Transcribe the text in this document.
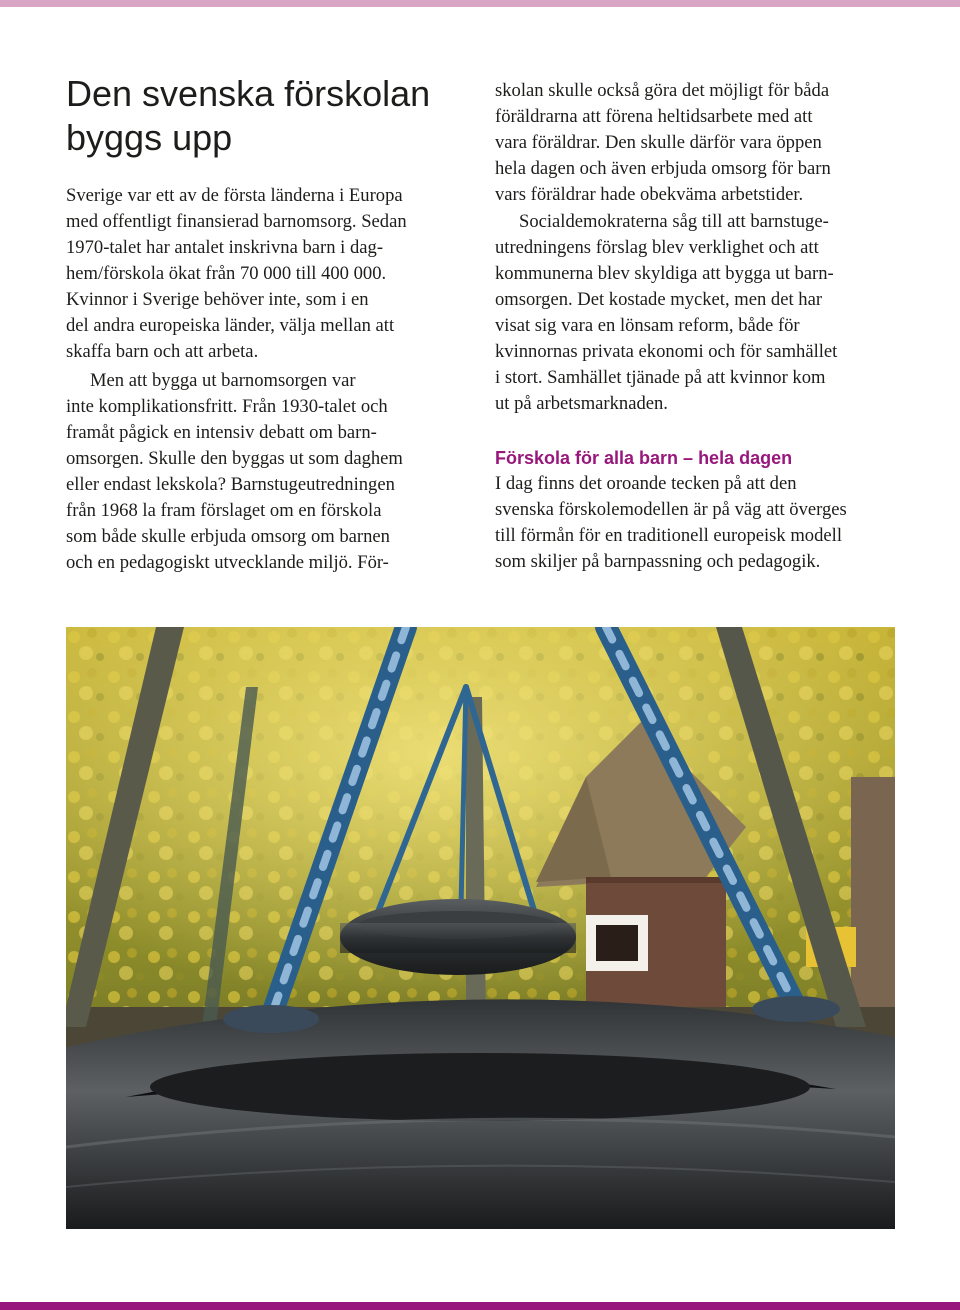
Den svenska förskolan
byggs upp
Sverige var ett av de första länderna i Europa
med offentligt finansierad barnomsorg. Sedan
1970-talet har antalet inskrivna barn i dag-
hem/förskola ökat från 70 000 till 400 000.
Kvinnor i Sverige behöver inte, som i en
del andra europeiska länder, välja mellan att
skaffa barn och att arbeta.
Men att bygga ut barnomsorgen var
inte komplikationsfritt. Från 1930-talet och
framåt pågick en intensiv debatt om barn-
omsorgen. Skulle den byggas ut som daghem
eller endast lekskola? Barnstugeutredningen
från 1968 la fram förslaget om en förskola
som både skulle erbjuda omsorg om barnen
och en pedagogiskt utvecklande miljö. För-
skolan skulle också göra det möjligt för båda
föräldrarna att förena heltidsarbete med att
vara föräldrar. Den skulle därför vara öppen
hela dagen och även erbjuda omsorg för barn
vars föräldrar hade obekväma arbetstider.
Socialdemokraterna såg till att barnstuge-
utredningens förslag blev verklighet och att
kommunerna blev skyldiga att bygga ut barn-
omsorgen. Det kostade mycket, men det har
visat sig vara en lönsam reform, både för
kvinnornas privata ekonomi och för samhället
i stort. Samhället tjänade på att kvinnor kom
ut på arbetsmarknaden.
Förskola för alla barn – hela dagen
I dag finns det oroande tecken på att den
svenska förskolemodellen är på väg att överges
till förmån för en traditionell europeisk modell
som skiljer på barnpassning och pedagogik.
